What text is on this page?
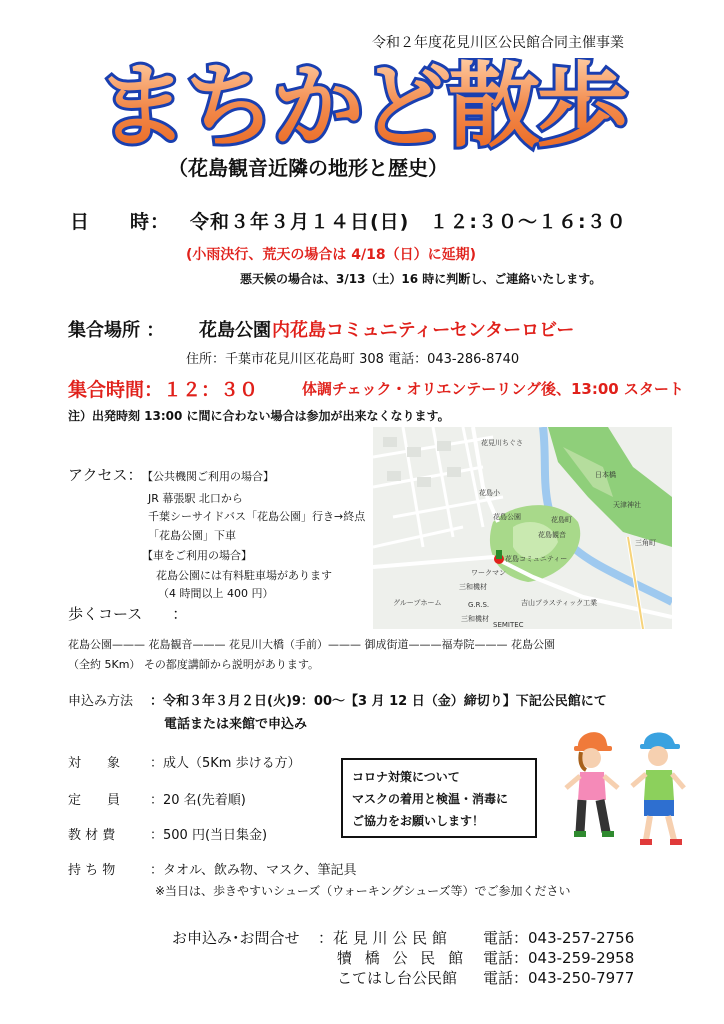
令和２年度花見川区公民館合同主催事業
まちかど散歩
（花島観音近隣の地形と歴史）
日　　時： 令和３年３月１４日(日)　１２:３０～１６:３０
(小雨決行、荒天の場合は 4/18（日）に延期)
悪天候の場合は、3/13（土）16 時に判断し、ご連絡いたします。
集合場所 ： 花島公園 内花島コミュニティーセンターロビー
住所：千葉市花見川区花島町 308 電話：043-286-8740
集合時間：１２：３０	体調チェック・オリエンテーリング後、13:00 スタート
注）出発時刻 13:00 に間に合わない場合は参加が出来なくなります。
花見川ちぐさ
花島小
花島公園	花島町
花島観音
花島コミュニティー
ワークマン
三和機材
グループホーム	G.R.S.
三和機材
SEMITEC
吉山プラスティック工業
三角町
日本橋
天津神社
アクセス： 【公共機関ご利用の場合】
JR 幕張駅 北口から
千葉シーサイドバス「花島公園」行き→終点
「花島公園」下車
【車をご利用の場合】
花島公園には有料駐車場があります
（4 時間以上 400 円）
歩くコース　　：
花島公園——— 花島観音——— 花見川大橋（手前）——— 御成街道———福寿院——— 花島公園
（全約 5Km） その都度講師から説明があります。
申込み方法 ：令和３年３月２日(火)9：00～【3 月 12 日（金）締切り】下記公民館にて
電話または来館で申込み
対　　象 ：成人（5Km 歩ける方）
定　　員 ：20 名(先着順)
教 材 費	：500 円(当日集金)
持 ち 物	：タオル、飲み物、マスク、筆記具
※当日は、歩きやすいシューズ（ウォーキングシューズ等）でご参加ください
コロナ対策について
マスクの着用と検温・消毒に
ご協力をお願いします！
お申込み･お問合せ ：花 見 川 公 民 館 電話：043-257-2756
犢 橋 公 民 館 電話：043-259-2958
こてはし台公民館 電話：043-250-7977
